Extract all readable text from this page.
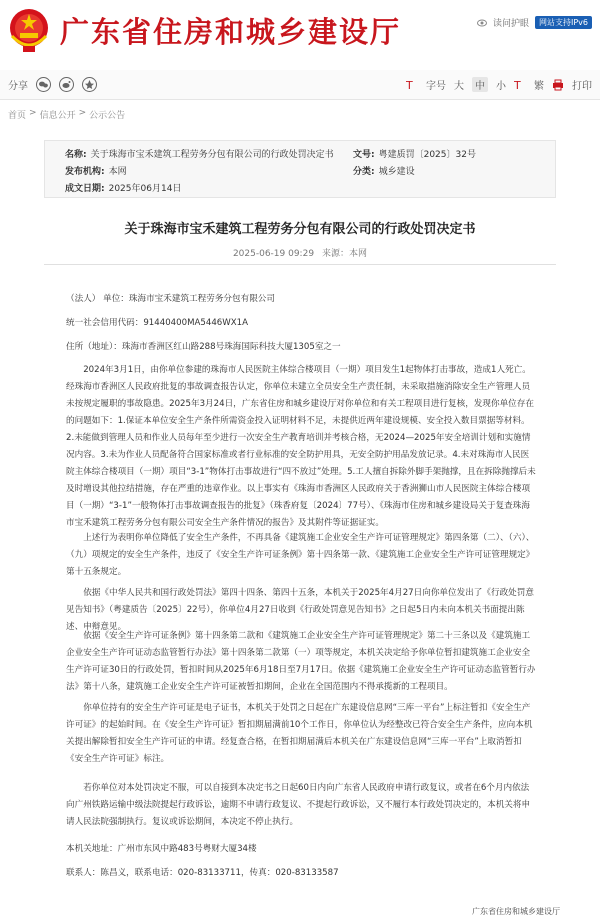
广东省住房和城乡建设厅	读问护眼	网站支持IPv6
分享	T 字号 大	中	小 T 繁	打印
首页 > 信息公开 > 公示公告
名称: 关于珠海市宝禾建筑工程劳务分包有限公司的行政处罚决定书 文号: 粤建质罚〔2025〕32号
发布机构: 本网	分类: 城乡建设
成文日期: 2025年06月14日
关于珠海市宝禾建筑工程劳务分包有限公司的行政处罚决定书
2025-06-19 09:29 来源：本网
（法人） 单位：珠海市宝禾建筑工程劳务分包有限公司
统一社会信用代码：91440400MA5446WX1A
住所（地址）：珠海市香洲区红山路288号珠海国际科技大厦1305室之一

2024年3月1日，由你单位参建的珠海市人民医院主体综合楼项目（一期）项目发生1起物体打击事故，造成1人死亡。经珠海市香洲区人民政府批复的事故调查报告认定，你单位未建立全员安全生产责任制，未采取措施消除安全生产管理人员未按规定履职的事故隐患。2025年3月24日，广东省住房和城乡建设厅对你单位和有关工程项目进行复核，发现你单位存在的问题如下：1.保证本单位安全生产条件所需资金投入证明材料不足，未提供近两年建设规模、安全投入数目票据等材料。2.未能做到管理人员和作业人员每年至少进行一次安全生产教育培训并考核合格，无2024—2025年安全培训计划和实施情况内容。3.未为作业人员配备符合国家标准或者行业标准的安全防护用具，无安全防护用品发放记录。4.未对珠海市人民医院主体综合楼项目（一期）项目“3-1”物体打击事故进行“四不放过”处理。5.工人擅自拆除外脚手架抛撑，且在拆除抛撑后未及时增设其他拉结措施，存在严重的违章作业。以上事实有《珠海市香洲区人民政府关于香洲狮山市人民医院主体综合楼项目（一期）“3-1”一般物体打击事故调查报告的批复》（珠香府复〔2024〕77号）、《珠海市住房和城乡建设局关于复查珠海市宝禾建筑工程劳务分包有限公司安全生产条件情况的报告》及其附件等证据证实。

上述行为表明你单位降低了安全生产条件，不再具备《建筑施工企业安全生产许可证管理规定》第四条第（二）、（六）、（九）项规定的安全生产条件，违反了《安全生产许可证条例》第十四条第一款、《建筑施工企业安全生产许可证管理规定》第十五条规定。

依据《中华人民共和国行政处罚法》第四十四条、第四十五条，本机关于2025年4月27日向你单位发出了《行政处罚意见告知书》（粤建质告〔2025〕22号），你单位4月27日收到《行政处罚意见告知书》之日起5日内未向本机关书面提出陈述、申辩意见。

依据《安全生产许可证条例》第十四条第二款和《建筑施工企业安全生产许可证管理规定》第二十三条以及《建筑施工企业安全生产许可证动态监管暂行办法》第十四条第二款第（一）项等规定，本机关决定给予你单位暂扣建筑施工企业安全生产许可证30日的行政处罚，暂扣时间从2025年6月18日至7月17日。依据《建筑施工企业安全生产许可证动态监管暂行办法》第十八条，建筑施工企业安全生产许可证被暂扣期间，企业在全国范围内不得承揽新的工程项目。

你单位持有的安全生产许可证是电子证书，本机关于处罚之日起在广东建设信息网“三库一平台”上标注暂扣《安全生产许可证》的起始时间。在《安全生产许可证》暂扣期届满前10个工作日，你单位认为经整改已符合安全生产条件，应向本机关提出解除暂扣安全生产许可证的申请。经复查合格，在暂扣期届满后本机关在广东建设信息网“三库一平台”上取消暂扣《安全生产许可证》标注。

若你单位对本处罚决定不服，可以自接到本决定书之日起60日内向广东省人民政府申请行政复议，或者在6个月内依法向广州铁路运输中级法院提起行政诉讼，逾期不申请行政复议、不提起行政诉讼，又不履行本行政处罚决定的，本机关将申请人民法院强制执行。复议或诉讼期间，本决定不停止执行。

本机关地址：广州市东风中路483号粤财大厦34楼
联系人：陈昌义，联系电话：020-83133711，传真：020-83133587
广东省住房和城乡建设厅
